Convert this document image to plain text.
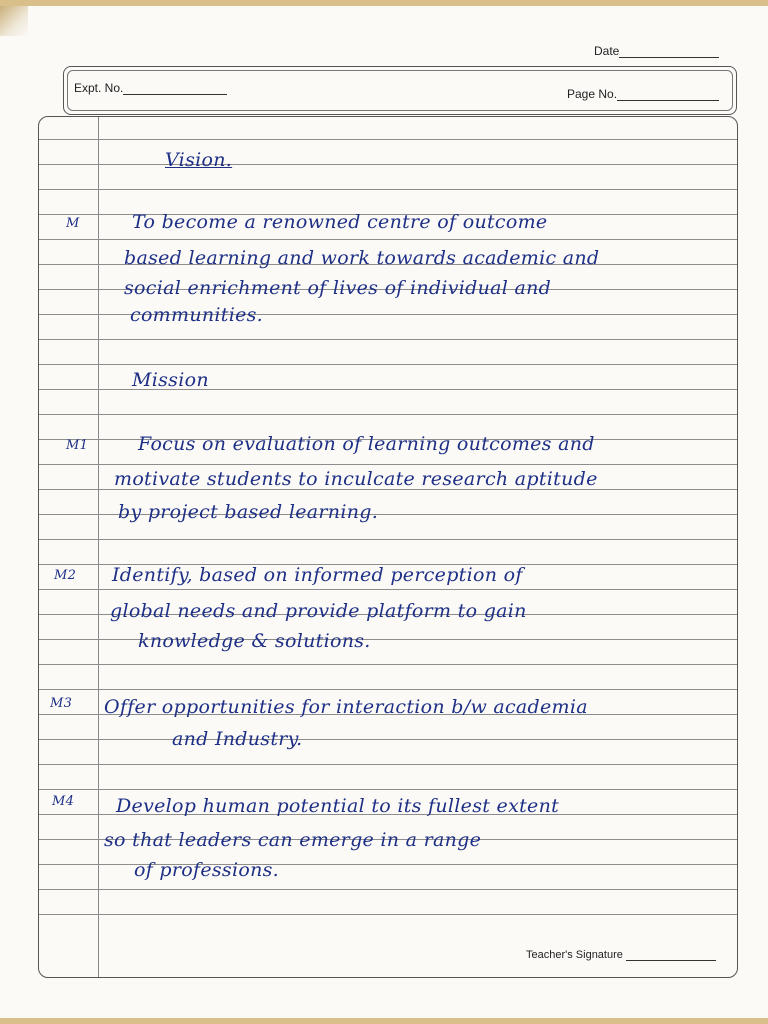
Date
Expt. No.	Page No.
Vision.
M	To become a renowned centre of outcome
based learning and work towards academic and
social enrichment of lives of individual and
communities.
Mission
M1	Focus on evaluation of learning outcomes and
motivate students to inculcate research aptitude
by project based learning.
M2 Identify, based on informed perception of
global needs and provide platform to gain
knowledge & solutions.
M3 Offer opportunities for interaction b/w academia
and Industry.
M4 Develop human potential to its fullest extent
so that leaders can emerge in a range
of professions.
Teacher's Signature
